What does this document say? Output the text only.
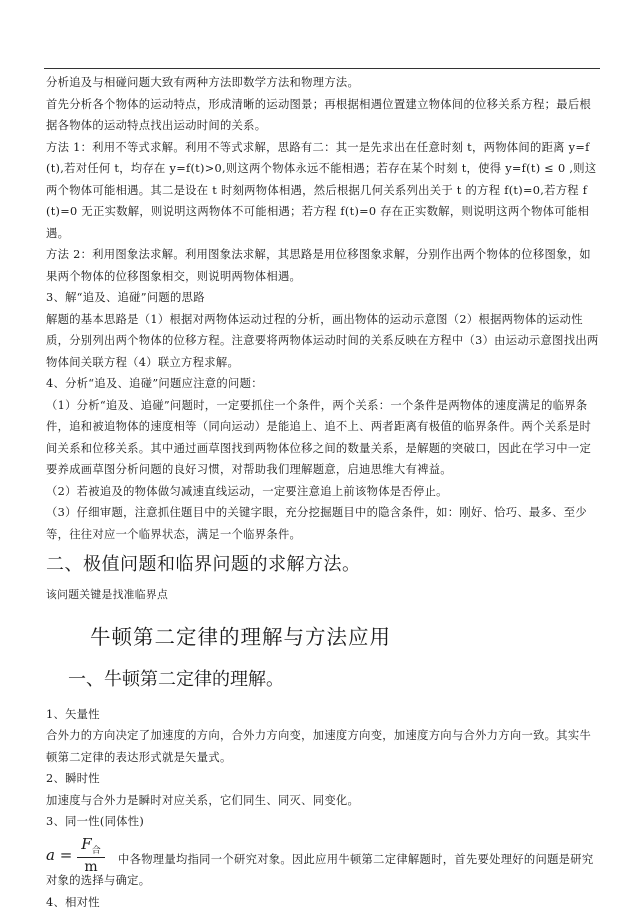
分析追及与相碰问题大致有两种方法即数学方法和物理方法。

首先分析各个物体的运动特点，形成清晰的运动图景；再根据相遇位置建立物体间的位移关系方程；最后根据各物体的运动特点找出运动时间的关系。

方法 1：利用不等式求解。利用不等式求解，思路有二：其一是先求出在任意时刻 t，两物体间的距离 y=f(t),若对任何 t，均存在 y=f(t)>0,则这两个物体永远不能相遇；若存在某个时刻 t，使得 y=f(t) ≤ 0 ,则这两个物体可能相遇。其二是设在 t 时刻两物体相遇，然后根据几何关系列出关于 t 的方程 f(t)=0,若方程 f(t)=0 无正实数解，则说明这两物体不可能相遇；若方程 f(t)=0 存在正实数解，则说明这两个物体可能相遇。

方法 2：利用图象法求解。利用图象法求解，其思路是用位移图象求解，分别作出两个物体的位移图象，如果两个物体的位移图象相交，则说明两物体相遇。

3、解“追及、追碰”问题的思路

解题的基本思路是（1）根据对两物体运动过程的分析，画出物体的运动示意图（2）根据两物体的运动性质，分别列出两个物体的位移方程。注意要将两物体运动时间的关系反映在方程中（3）由运动示意图找出两物体间关联方程（4）联立方程求解。

4、分析“追及、追碰”问题应注意的问题：

（1）分析“追及、追碰”问题时，一定要抓住一个条件，两个关系：一个条件是两物体的速度满足的临界条件，追和被追物体的速度相等（同向运动）是能追上、追不上、两者距离有极值的临界条件。两个关系是时间关系和位移关系。其中通过画草图找到两物体位移之间的数量关系，是解题的突破口，因此在学习中一定要养成画草图分析问题的良好习惯，对帮助我们理解题意，启迪思维大有裨益。

（2）若被追及的物体做匀减速直线运动，一定要注意追上前该物体是否停止。

（3）仔细审题，注意抓住题目中的关键字眼，充分挖掘题目中的隐含条件，如：刚好、恰巧、最多、至少等，往往对应一个临界状态，满足一个临界条件。

二、极值问题和临界问题的求解方法。

该问题关键是找准临界点

牛顿第二定律的理解与方法应用
一、牛顿第二定律的理解。

1、矢量性

合外力的方向决定了加速度的方向，合外力方向变，加速度方向变，加速度方向与合外力方向一致。其实牛顿第二定律的表达形式就是矢量式。

2、瞬时性

加速度与合外力是瞬时对应关系，它们同生、同灭、同变化。

3、同一性(同体性)

$a = \frac{F_合}{m}$	中各物理量均指同一个研究对象。因此应用牛顿第二定律解题时，首先要处理好的问题是研究对象的选择与确定。

4、相对性
